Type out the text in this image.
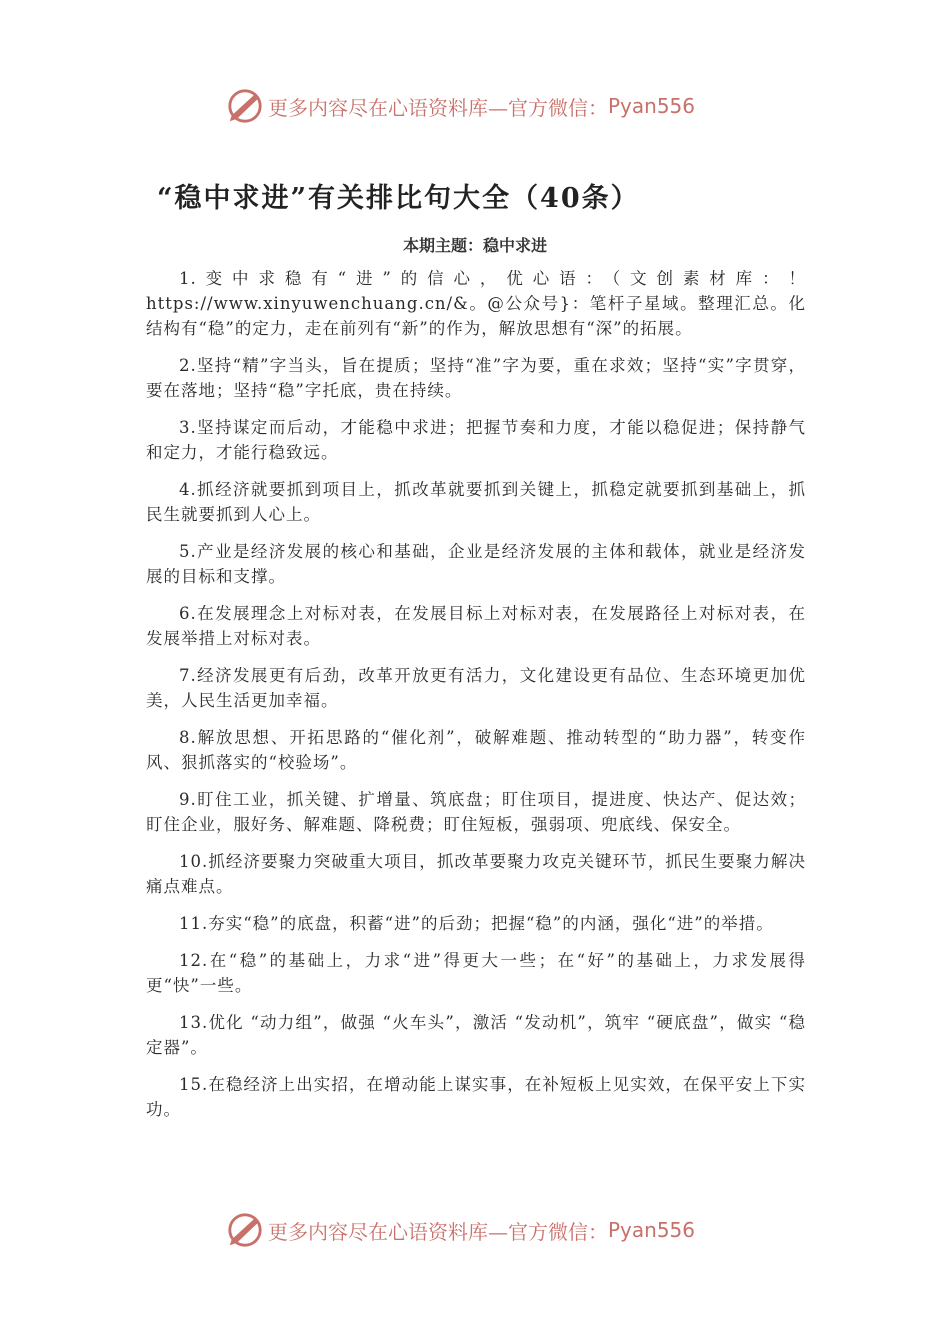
更多内容尽在心语资料库—官方微信： Pyan556
“稳中求进”有关排比句大全（40条）
本期主题：稳中求进

1.变中求稳有“进”的信心，优心语：（文创素材库：！https://www.xinyuwenchuang.cn/&。@公众号}：笔杆子星域。整理汇总。化结构有“稳”的定力，走在前列有“新”的作为，解放思想有“深”的拓展。

2.坚持“精”字当头，旨在提质；坚持“准”字为要，重在求效；坚持“实”字贯穿，要在落地；坚持“稳”字托底，贵在持续。

3.坚持谋定而后动，才能稳中求进；把握节奏和力度，才能以稳促进；保持静气和定力，才能行稳致远。

4.抓经济就要抓到项目上，抓改革就要抓到关键上，抓稳定就要抓到基础上，抓民生就要抓到人心上。

5.产业是经济发展的核心和基础，企业是经济发展的主体和载体，就业是经济发展的目标和支撑。

6.在发展理念上对标对表，在发展目标上对标对表，在发展路径上对标对表，在发展举措上对标对表。

7.经济发展更有后劲，改革开放更有活力，文化建设更有品位、生态环境更加优美，人民生活更加幸福。

8.解放思想、开拓思路的“催化剂”，破解难题、推动转型的“助力器”，转变作风、狠抓落实的“校验场”。

9.盯住工业，抓关键、扩增量、筑底盘；盯住项目，提进度、快达产、促达效；盯住企业，服好务、解难题、降税费；盯住短板，强弱项、兜底线、保安全。

10.抓经济要聚力突破重大项目，抓改革要聚力攻克关键环节，抓民生要聚力解决痛点难点。

11.夯实“稳”的底盘，积蓄“进”的后劲；把握“稳”的内涵，强化“进”的举措。

12.在“稳”的基础上，力求“进”得更大一些；在“好”的基础上，力求发展得更“快”一些。

13.优化 “动力组”，做强 “火车头”，激活 “发动机”，筑牢 “硬底盘”，做实 “稳定器”。

15.在稳经济上出实招，在增动能上谋实事，在补短板上见实效，在保平安上下实功。

更多内容尽在心语资料库—官方微信： Pyan556
